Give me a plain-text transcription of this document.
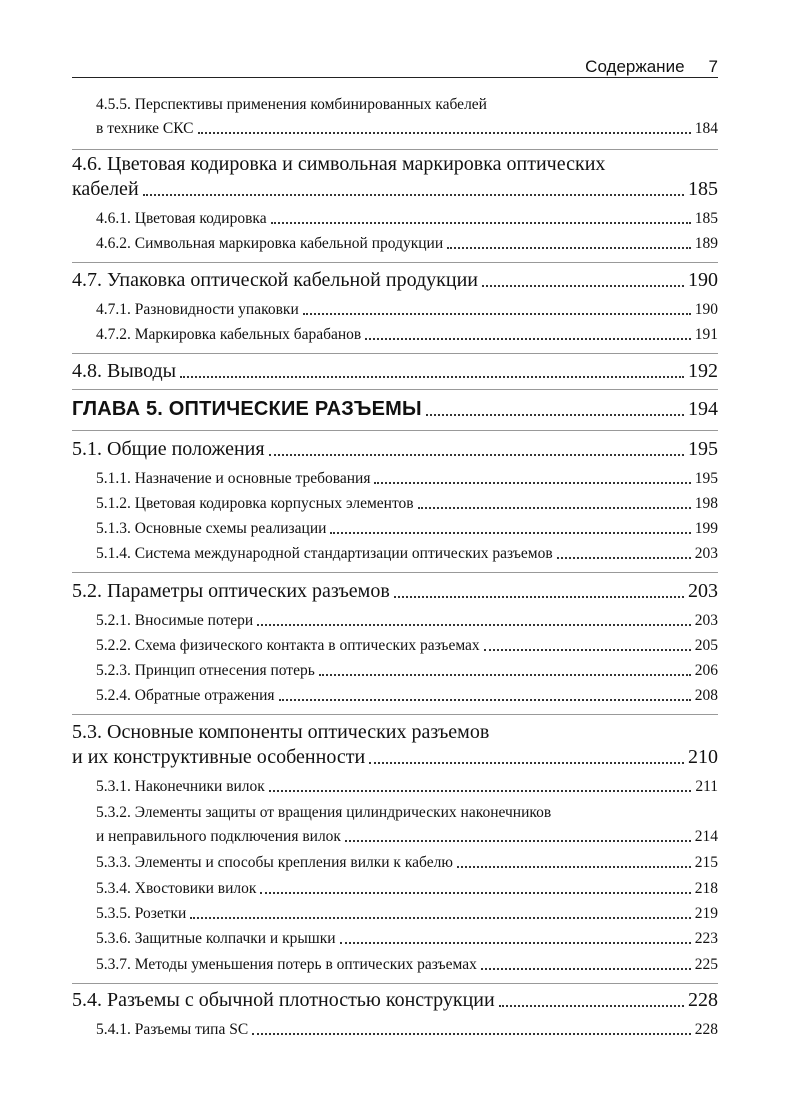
Содержание 7
4.5.5. Перспективы применения комбинированных кабелей
в технике СКС	184
4.6. Цветовая кодировка и символьная маркировка оптических
кабелей	185
4.6.1. Цветовая кодировка	185
4.6.2. Символьная маркировка кабельной продукции	189
4.7. Упаковка оптической кабельной продукции	190
4.7.1. Разновидности упаковки	190
4.7.2. Маркировка кабельных барабанов	191
4.8. Выводы	192
ГЛАВА 5. ОПТИЧЕСКИЕ РАЗЪЕМЫ	194
5.1. Общие положения	195
5.1.1. Назначение и основные требования	195
5.1.2. Цветовая кодировка корпусных элементов	198
5.1.3. Основные схемы реализации	199
5.1.4. Система международной стандартизации оптических разъемов	203
5.2. Параметры оптических разъемов	203
5.2.1. Вносимые потери	203
5.2.2. Схема физического контакта в оптических разъемах	205
5.2.3. Принцип отнесения потерь	206
5.2.4. Обратные отражения	208
5.3. Основные компоненты оптических разъемов
и их конструктивные особенности	210
5.3.1. Наконечники вилок	211
5.3.2. Элементы защиты от вращения цилиндрических наконечников
и неправильного подключения вилок	214
5.3.3. Элементы и способы крепления вилки к кабелю	215
5.3.4. Хвостовики вилок	218
5.3.5. Розетки	219
5.3.6. Защитные колпачки и крышки	223
5.3.7. Методы уменьшения потерь в оптических разъемах	225
5.4. Разъемы с обычной плотностью конструкции	228
5.4.1. Разъемы типа SC	228
